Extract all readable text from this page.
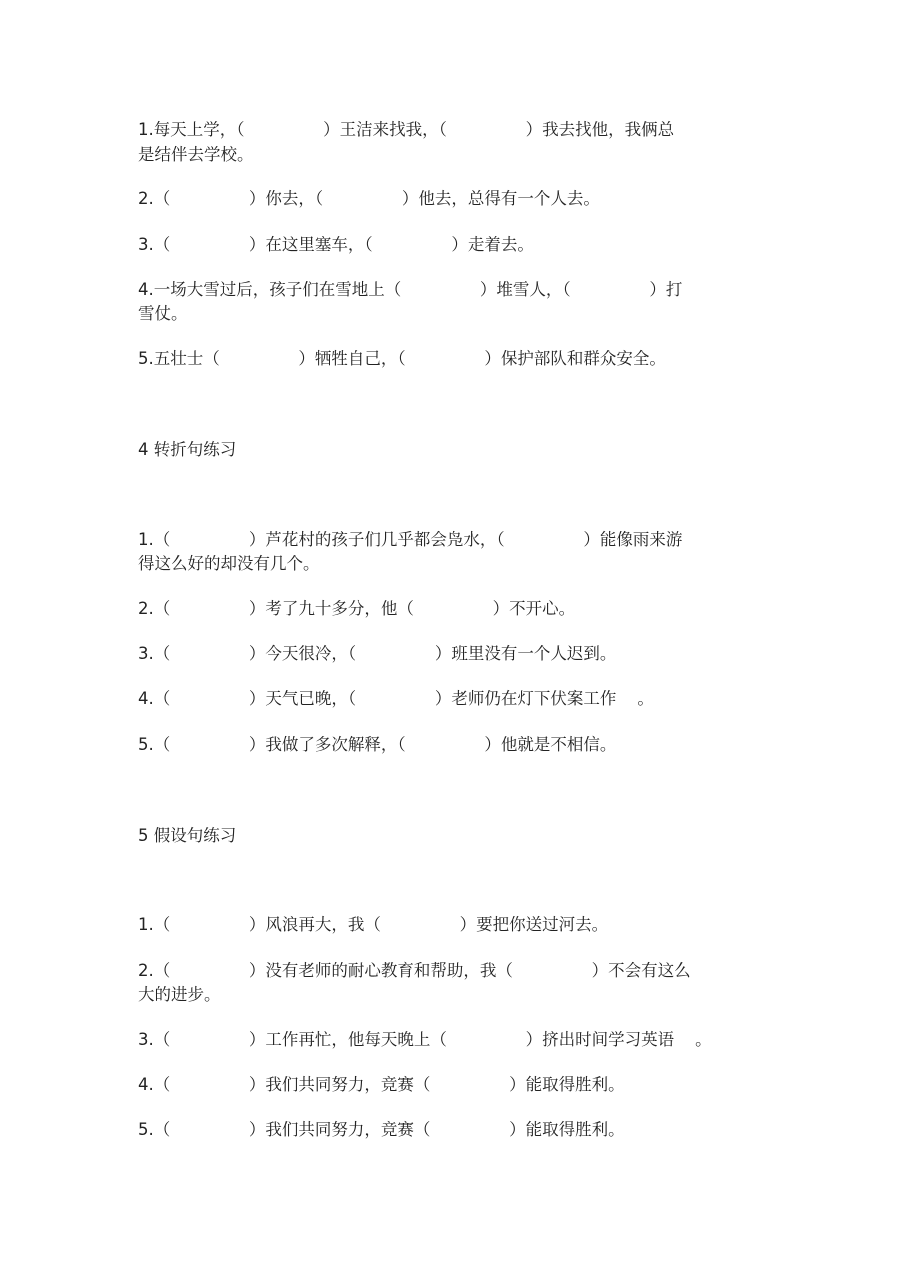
1.每天上学，（               ）王洁来找我，（               ）我去找他，我俩总
是结伴去学校。
2.（               ）你去，（               ）他去，总得有一个人去。
3.（               ）在这里塞车，（               ）走着去。
4.一场大雪过后，孩子们在雪地上（               ）堆雪人，（               ）打
雪仗。
5.五壮士（               ）牺牲自己，（               ）保护部队和群众安全。
4 转折句练习
1.（               ）芦花村的孩子们几乎都会凫水，（               ）能像雨来游
得这么好的却没有几个。
2.（               ）考了九十多分，他（               ）不开心。
3.（               ）今天很冷，（               ）班里没有一个人迟到。
4.（               ）天气已晚，（               ）老师仍在灯下伏案工作    。
5.（               ）我做了多次解释，（               ）他就是不相信。
5 假设句练习
1.（               ）风浪再大，我（               ）要把你送过河去。
2.（               ）没有老师的耐心教育和帮助，我（               ）不会有这么
大的进步。
3.（               ）工作再忙，他每天晚上（               ）挤出时间学习英语    。
4.（               ）我们共同努力，竞赛（               ）能取得胜利。
5.（               ）我们共同努力，竞赛（               ）能取得胜利。
